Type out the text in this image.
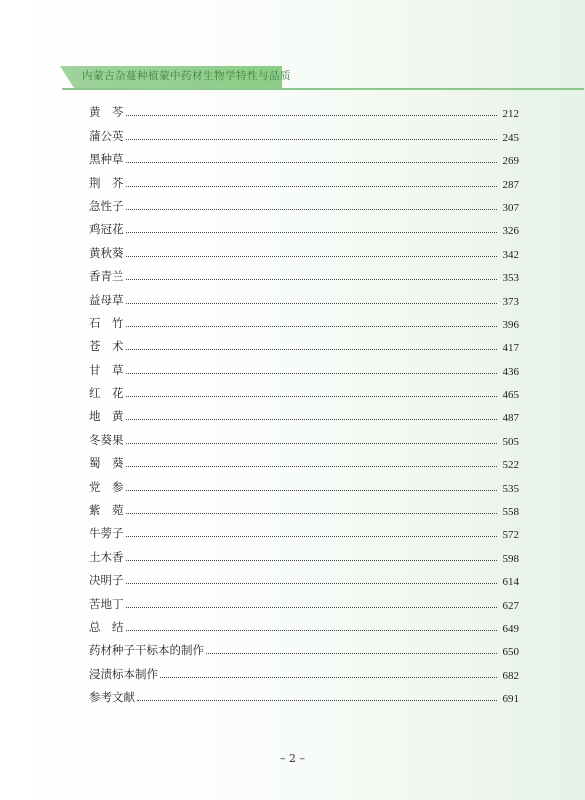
内蒙古杂蔓种植蒙中药材生物学特性与品质
黄　芩	212
蒲公英	245
黑种草	269
荆　芥	287
急性子	307
鸡冠花	326
黄秋葵	342
香青兰	353
益母草	373
石　竹	396
苍　术	417
甘　草	436
红　花	465
地　黄	487
冬葵果	505
蜀　葵	522
党　参	535
紫　菀	558
牛蒡子	572
土木香	598
决明子	614
苦地丁	627
总　结	649
药材种子干标本的制作	650
浸渍标本制作	682
参考文献	691
– 2 –
